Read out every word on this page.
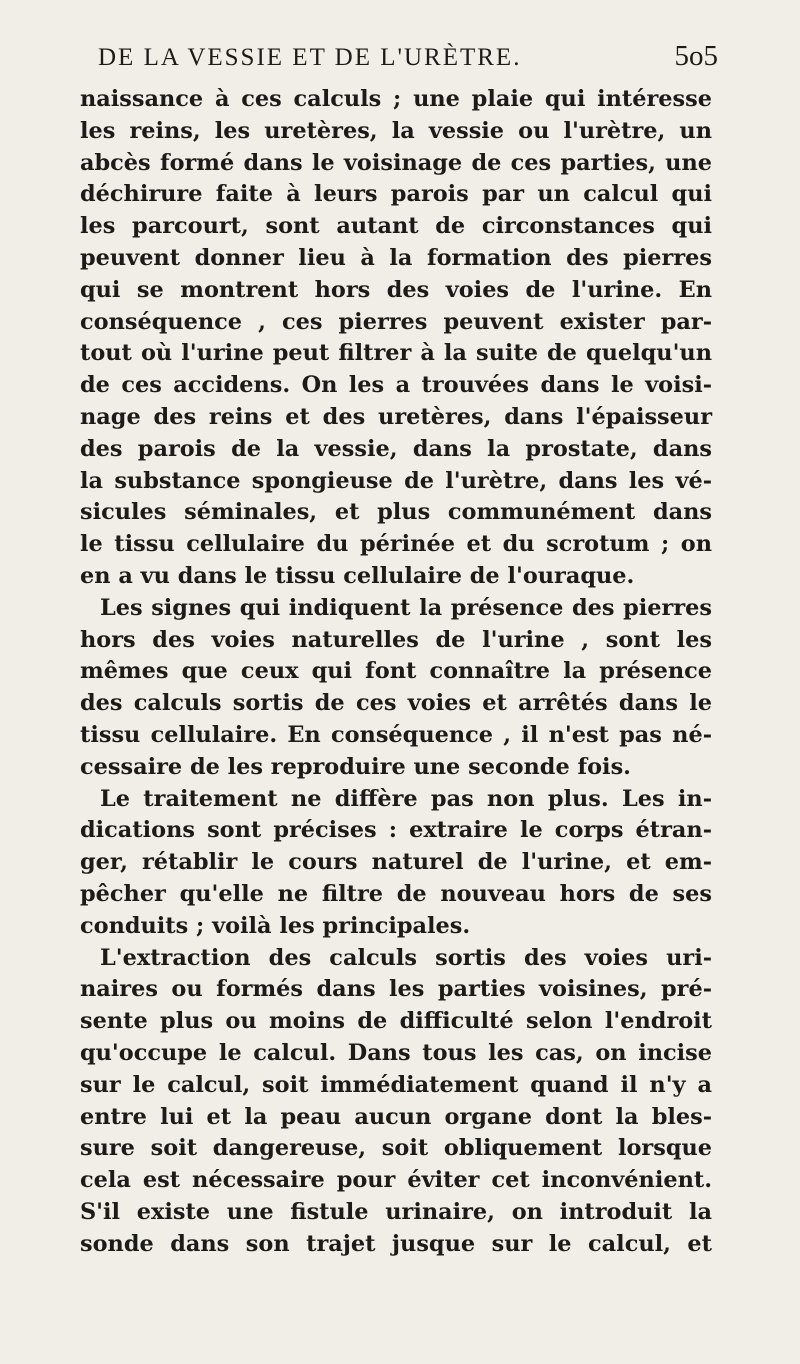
DE LA VESSIE ET DE L'URÈTRE.	5o5
naissance à ces calculs ; une plaie qui intéresse
les reins, les uretères, la vessie ou l'urètre, un
abcès formé dans le voisinage de ces parties, une
déchirure faite à leurs parois par un calcul qui
les parcourt, sont autant de circonstances qui
peuvent donner lieu à la formation des pierres
qui se montrent hors des voies de l'urine. En
conséquence , ces pierres peuvent exister par-
tout où l'urine peut filtrer à la suite de quelqu'un
de ces accidens. On les a trouvées dans le voisi-
nage des reins et des uretères, dans l'épaisseur
des parois de la vessie, dans la prostate, dans
la substance spongieuse de l'urètre, dans les vé-
sicules séminales, et plus communément dans
le tissu cellulaire du périnée et du scrotum ; on
en a vu dans le tissu cellulaire de l'ouraque.
Les signes qui indiquent la présence des pierres
hors des voies naturelles de l'urine , sont les
mêmes que ceux qui font connaître la présence
des calculs sortis de ces voies et arrêtés dans le
tissu cellulaire. En conséquence , il n'est pas né-
cessaire de les reproduire une seconde fois.
Le traitement ne diffère pas non plus. Les in-
dications sont précises : extraire le corps étran-
ger, rétablir le cours naturel de l'urine, et em-
pêcher qu'elle ne filtre de nouveau hors de ses
conduits ; voilà les principales.
L'extraction des calculs sortis des voies uri-
naires ou formés dans les parties voisines, pré-
sente plus ou moins de difficulté selon l'endroit
qu'occupe le calcul. Dans tous les cas, on incise
sur le calcul, soit immédiatement quand il n'y a
entre lui et la peau aucun organe dont la bles-
sure soit dangereuse, soit obliquement lorsque
cela est nécessaire pour éviter cet inconvénient.
S'il existe une fistule urinaire, on introduit la
sonde dans son trajet jusque sur le calcul, et
